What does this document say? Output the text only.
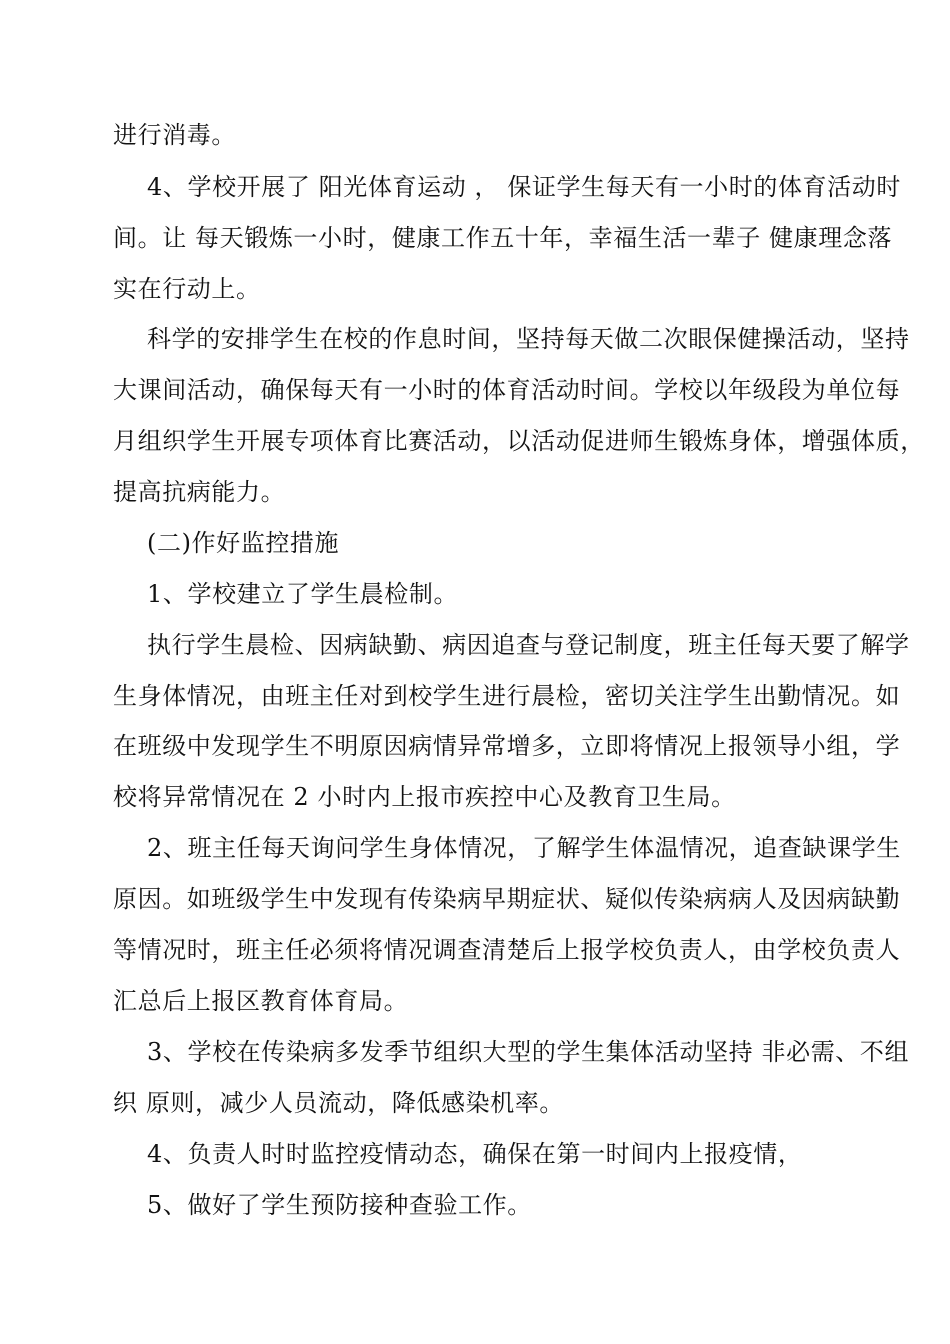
进行消毒。
4、学校开展了 阳光体育运动 ， 保证学生每天有一小时的体育活动时
间。让 每天锻炼一小时，健康工作五十年，幸福生活一辈子 健康理念落
实在行动上。
科学的安排学生在校的作息时间，坚持每天做二次眼保健操活动，坚持
大课间活动，确保每天有一小时的体育活动时间。学校以年级段为单位每
月组织学生开展专项体育比赛活动，以活动促进师生锻炼身体，增强体质，
提高抗病能力。
(二)作好监控措施
1、学校建立了学生晨检制。
执行学生晨检、因病缺勤、病因追查与登记制度，班主任每天要了解学
生身体情况，由班主任对到校学生进行晨检，密切关注学生出勤情况。如
在班级中发现学生不明原因病情异常增多，立即将情况上报领导小组，学
校将异常情况在 2 小时内上报市疾控中心及教育卫生局。
2、班主任每天询问学生身体情况，了解学生体温情况，追查缺课学生
原因。如班级学生中发现有传染病早期症状、疑似传染病病人及因病缺勤
等情况时，班主任必须将情况调查清楚后上报学校负责人，由学校负责人
汇总后上报区教育体育局。
3、学校在传染病多发季节组织大型的学生集体活动坚持 非必需、不组
织 原则，减少人员流动，降低感染机率。
4、负责人时时监控疫情动态，确保在第一时间内上报疫情，
5、做好了学生预防接种查验工作。
